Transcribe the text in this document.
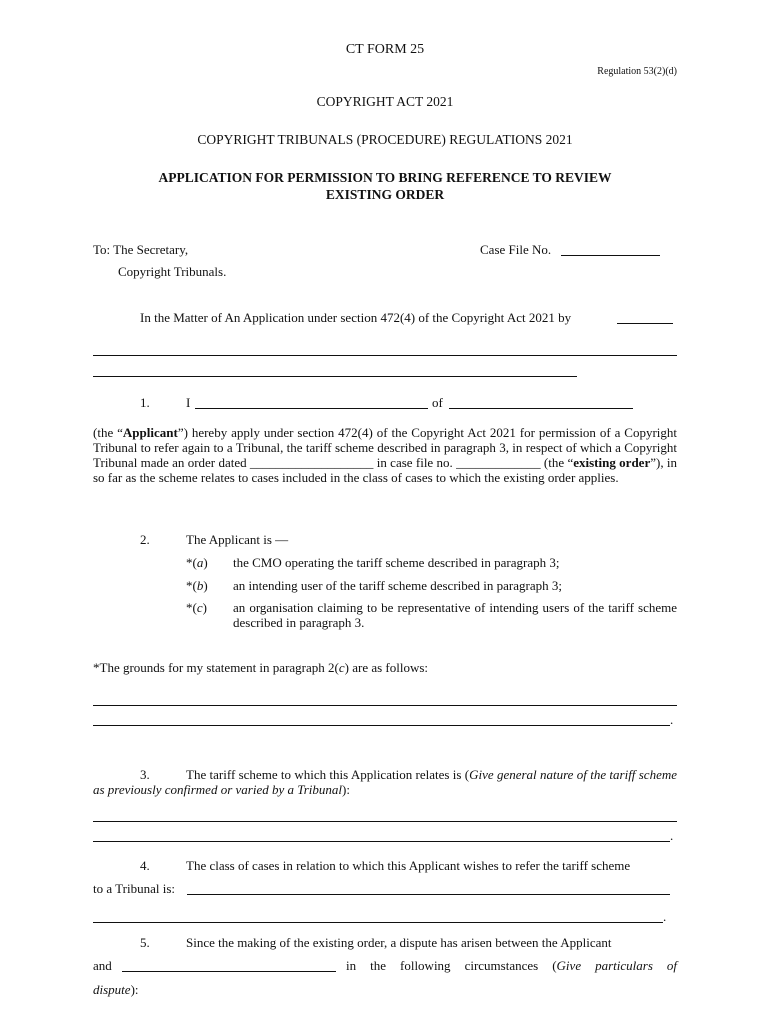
CT FORM 25
Regulation 53(2)(d)
COPYRIGHT ACT 2021
COPYRIGHT TRIBUNALS (PROCEDURE) REGULATIONS 2021
APPLICATION FOR PERMISSION TO BRING REFERENCE TO REVIEW
EXISTING ORDER
To: The Secretary,	Case File No.
Copyright Tribunals.
In the Matter of An Application under section 472(4) of the Copyright Act 2021 by
1.	I	of
(the “Applicant”) hereby apply under section 472(4) of the Copyright Act 2021 for permission of a Copyright Tribunal to refer again to a Tribunal, the tariff scheme described in paragraph 3, in respect of which a Copyright Tribunal made an order dated ___________________ in case file no. _____________ (the “existing order”), in so far as the scheme relates to cases included in the class of cases to which the existing order applies.
2.	The Applicant is —
*(a) the CMO operating the tariff scheme described in paragraph 3;
*(b) an intending user of the tariff scheme described in paragraph 3;
*(c) an organisation claiming to be representative of intending users of the tariff scheme described in paragraph 3.
*The grounds for my statement in paragraph 2(c) are as follows:
.
3.	The tariff scheme to which this Application relates is (Give general nature of the tariff scheme as previously confirmed or varied by a Tribunal):
.
4.	The class of cases in relation to which this Applicant wishes to refer the tariff scheme
to a Tribunal is:
.
5.	Since the making of the existing order, a dispute has arisen between the Applicant
and	in the following circumstances (Give particulars of
dispute):
